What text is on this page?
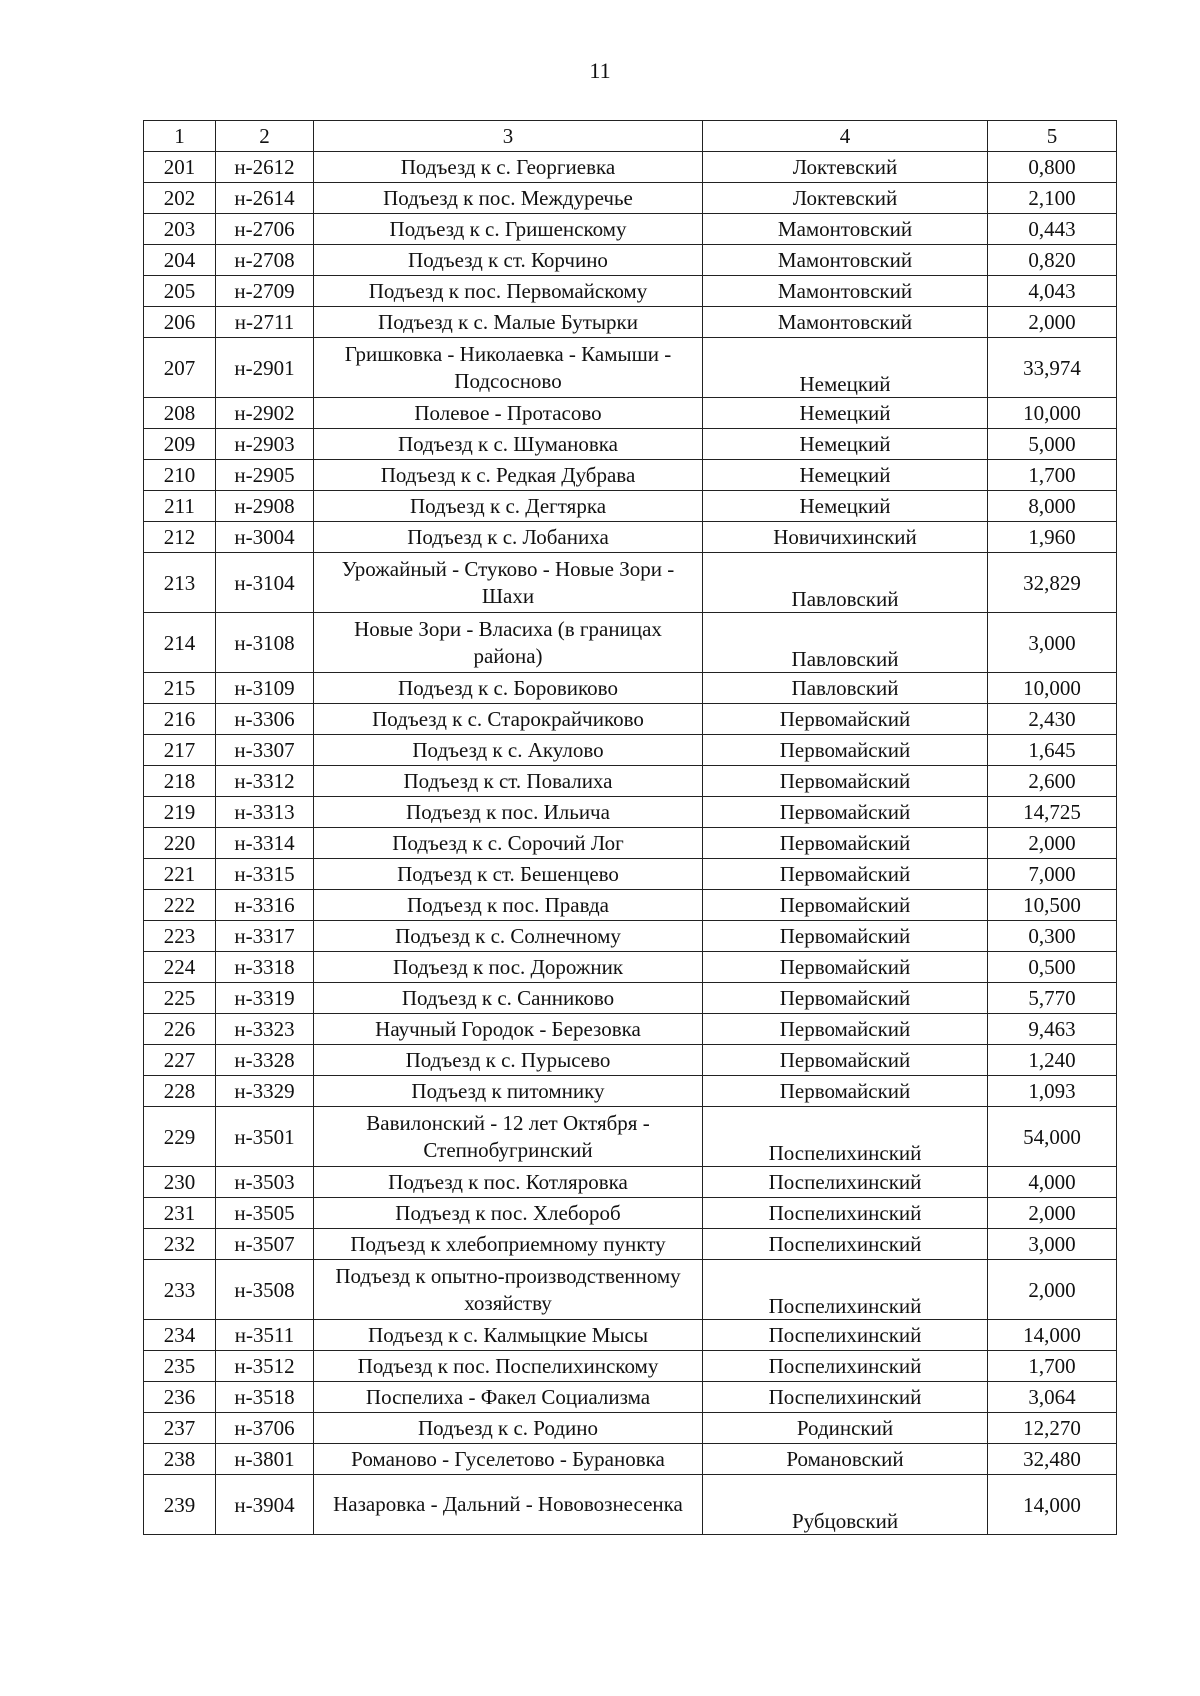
11
1	2	3	4	5
201	н-2612	Подъезд к с. Георгиевка	Локтевский	0,800
202	н-2614	Подъезд к пос. Междуречье	Локтевский	2,100
203	н-2706	Подъезд к с. Гришенскому	Мамонтовский	0,443
204	н-2708	Подъезд к ст. Корчино	Мамонтовский	0,820
205	н-2709	Подъезд к пос. Первомайскому	Мамонтовский	4,043
206	н-2711	Подъезд к с. Малые Бутырки	Мамонтовский	2,000
207	н-2901	Гришковка - Николаевка - Камыши - Подсосново	Немецкий	33,974
208	н-2902	Полевое - Протасово	Немецкий	10,000
209	н-2903	Подъезд к с. Шумановка	Немецкий	5,000
210	н-2905	Подъезд к с. Редкая Дубрава	Немецкий	1,700
211	н-2908	Подъезд к с. Дегтярка	Немецкий	8,000
212	н-3004	Подъезд к с. Лобаниха	Новичихинский	1,960
213	н-3104	Урожайный - Стуково - Новые Зори - Шахи	Павловский	32,829
214	н-3108	Новые Зори - Власиха (в границах района)	Павловский	3,000
215	н-3109	Подъезд к с. Боровиково	Павловский	10,000
216	н-3306	Подъезд к с. Старокрайчиково	Первомайский	2,430
217	н-3307	Подъезд к с. Акулово	Первомайский	1,645
218	н-3312	Подъезд к ст. Повалиха	Первомайский	2,600
219	н-3313	Подъезд к пос. Ильича	Первомайский	14,725
220	н-3314	Подъезд к с. Сорочий Лог	Первомайский	2,000
221	н-3315	Подъезд к ст. Бешенцево	Первомайский	7,000
222	н-3316	Подъезд к пос. Правда	Первомайский	10,500
223	н-3317	Подъезд к с. Солнечному	Первомайский	0,300
224	н-3318	Подъезд к пос. Дорожник	Первомайский	0,500
225	н-3319	Подъезд к с. Санниково	Первомайский	5,770
226	н-3323	Научный Городок - Березовка	Первомайский	9,463
227	н-3328	Подъезд к с. Пурысево	Первомайский	1,240
228	н-3329	Подъезд к питомнику	Первомайский	1,093
229	н-3501	Вавилонский - 12 лет Октября - Степнобугринский	Поспелихинский	54,000
230	н-3503	Подъезд к пос. Котляровка	Поспелихинский	4,000
231	н-3505	Подъезд к пос. Хлебороб	Поспелихинский	2,000
232	н-3507	Подъезд к хлебоприемному пункту	Поспелихинский	3,000
233	н-3508	Подъезд к опытно-производственному хозяйству	Поспелихинский	2,000
234	н-3511	Подъезд к с. Калмыцкие Мысы	Поспелихинский	14,000
235	н-3512	Подъезд к пос. Поспелихинскому	Поспелихинский	1,700
236	н-3518	Поспелиха - Факел Социализма	Поспелихинский	3,064
237	н-3706	Подъезд к с. Родино	Родинский	12,270
238	н-3801	Романово - Гуселетово - Бурановка	Романовский	32,480
239	н-3904	Назаровка - Дальний - Нововознесенка	Рубцовский	14,000
